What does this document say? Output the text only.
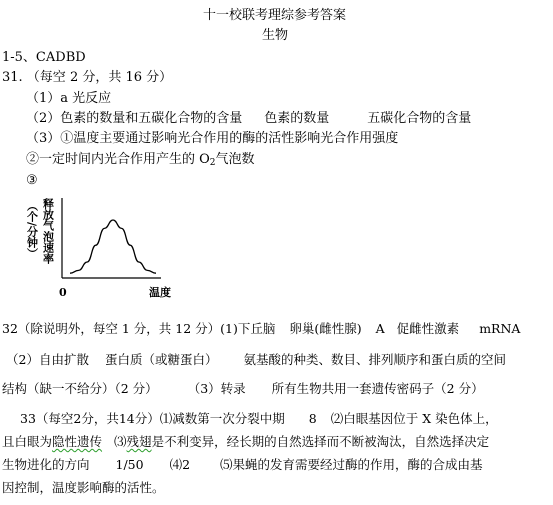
十一校联考理综参考答案
生物
1-5、CADBD
31. （每空 2 分，共 16 分）
（1）a 光反应
（2）色素的数量和五碳化合物的含量 色素的数量	五碳化合物的含量
（3）①温度主要通过影响光合作用的酶的活性影响光合作用强度
②一定时间内光合作用产生的 $O_2$气泡数
③
（个/分钟） 释放气泡速率
0	温度
32（除说明外，每空 1 分，共 12 分）(1)下丘脑 卵巢(雌性腺) A 促雌性激素 mRNA
（2）自由扩散 蛋白质（或糖蛋白） 氨基酸的种类、数目、排列顺序和蛋白质的空间
结构（缺一不给分）（2 分） （3）转录 所有生物共用一套遗传密码子（2 分）
33（每空2分，共14分）⑴减数第一次分裂中期 8 ⑵白眼基因位于 X 染色体上，
且白眼为隐性遗传 ⑶残翅是不利变异，经长期的自然选择而不断被淘汰，自然选择决定
生物进化的方向 1/50 ⑷2 ⑸果蝇的发育需要经过酶的作用，酶的合成由基
因控制，温度影响酶的活性。
